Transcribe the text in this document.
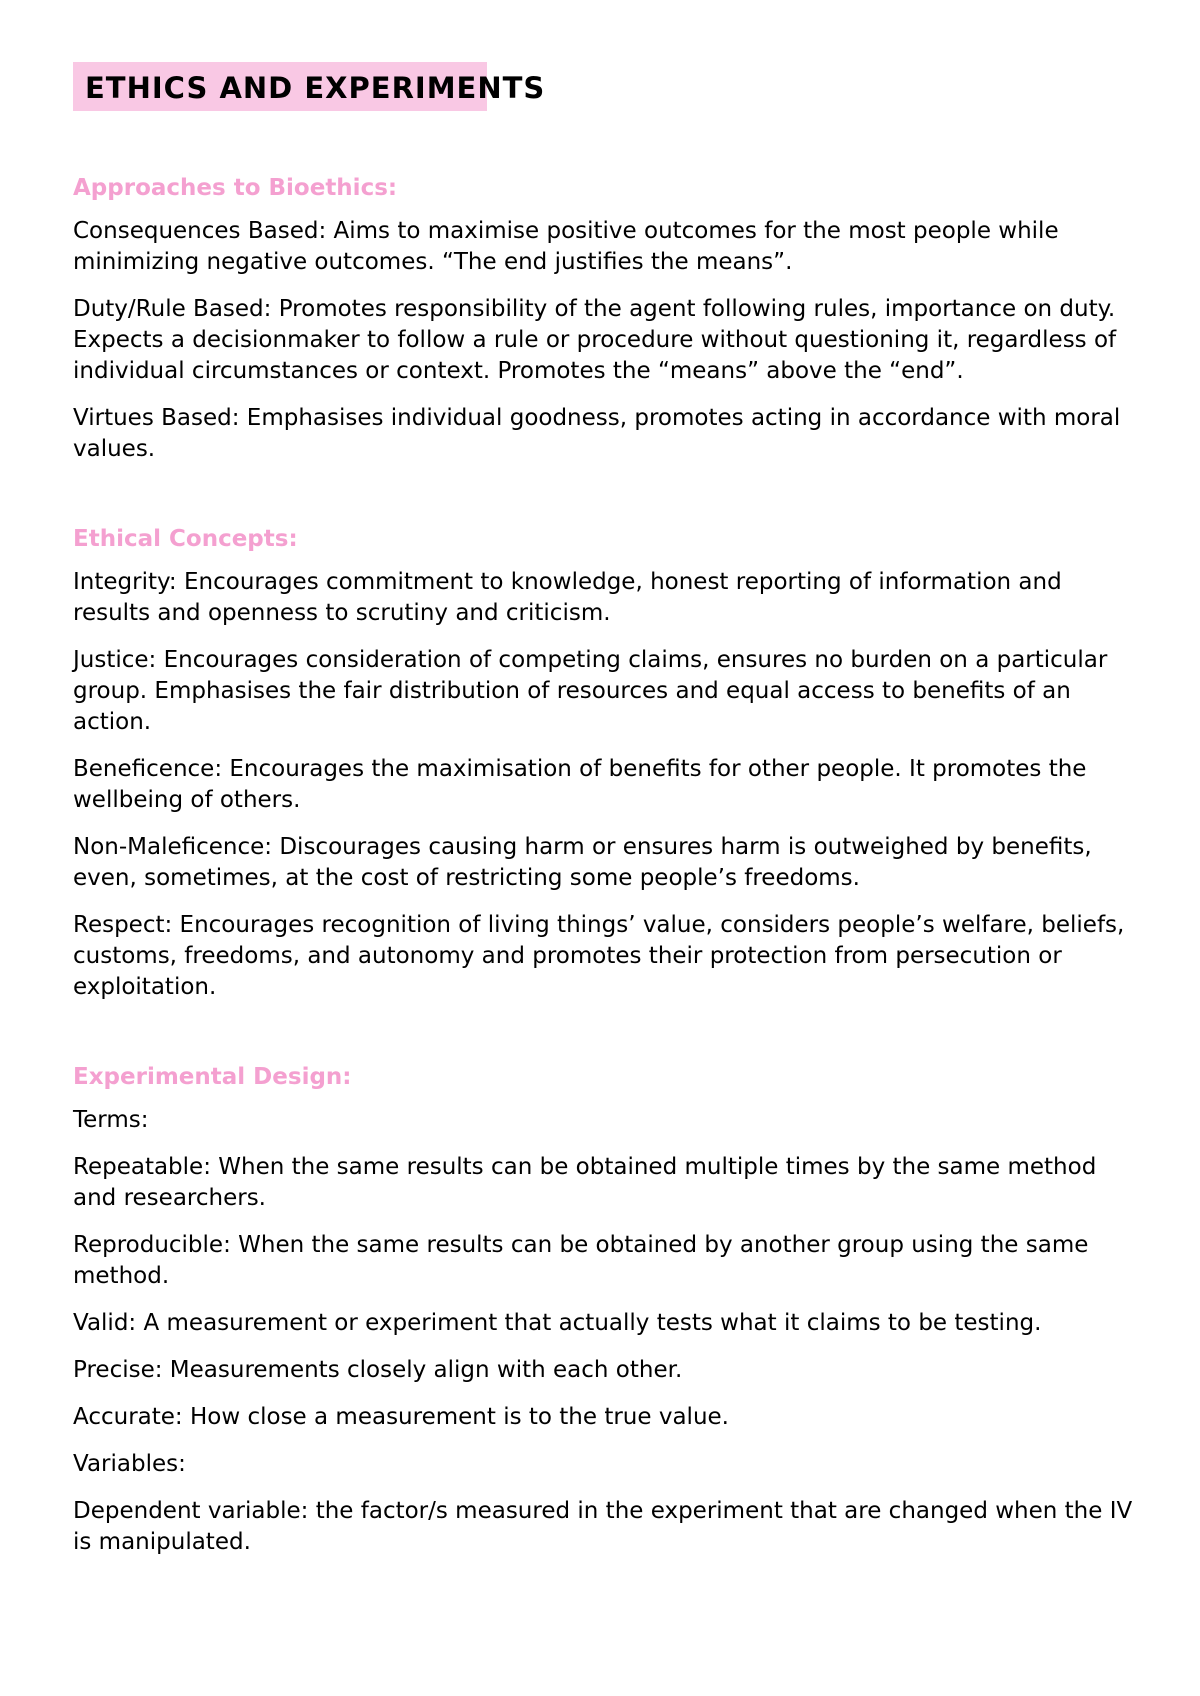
ETHICS AND EXPERIMENTS
Approaches to Bioethics:

Consequences Based: Aims to maximise positive outcomes for the most people while minimizing negative outcomes. “The end justifies the means”.

Duty/Rule Based: Promotes responsibility of the agent following rules, importance on duty. Expects a decisionmaker to follow a rule or procedure without questioning it, regardless of individual circumstances or context. Promotes the “means” above the “end”.

Virtues Based: Emphasises individual goodness, promotes acting in accordance with moral values.

Ethical Concepts:

Integrity: Encourages commitment to knowledge, honest reporting of information and results and openness to scrutiny and criticism.

Justice: Encourages consideration of competing claims, ensures no burden on a particular group. Emphasises the fair distribution of resources and equal access to benefits of an action.

Beneficence: Encourages the maximisation of benefits for other people. It promotes the wellbeing of others.

Non-Maleficence: Discourages causing harm or ensures harm is outweighed by benefits, even, sometimes, at the cost of restricting some people’s freedoms.

Respect: Encourages recognition of living things’ value, considers people’s welfare, beliefs, customs, freedoms, and autonomy and promotes their protection from persecution or exploitation.

Experimental Design:

Terms:

Repeatable: When the same results can be obtained multiple times by the same method and researchers.

Reproducible: When the same results can be obtained by another group using the same method.

Valid: A measurement or experiment that actually tests what it claims to be testing.

Precise: Measurements closely align with each other.

Accurate: How close a measurement is to the true value.

Variables:

Dependent variable: the factor/s measured in the experiment that are changed when the IV is manipulated.
